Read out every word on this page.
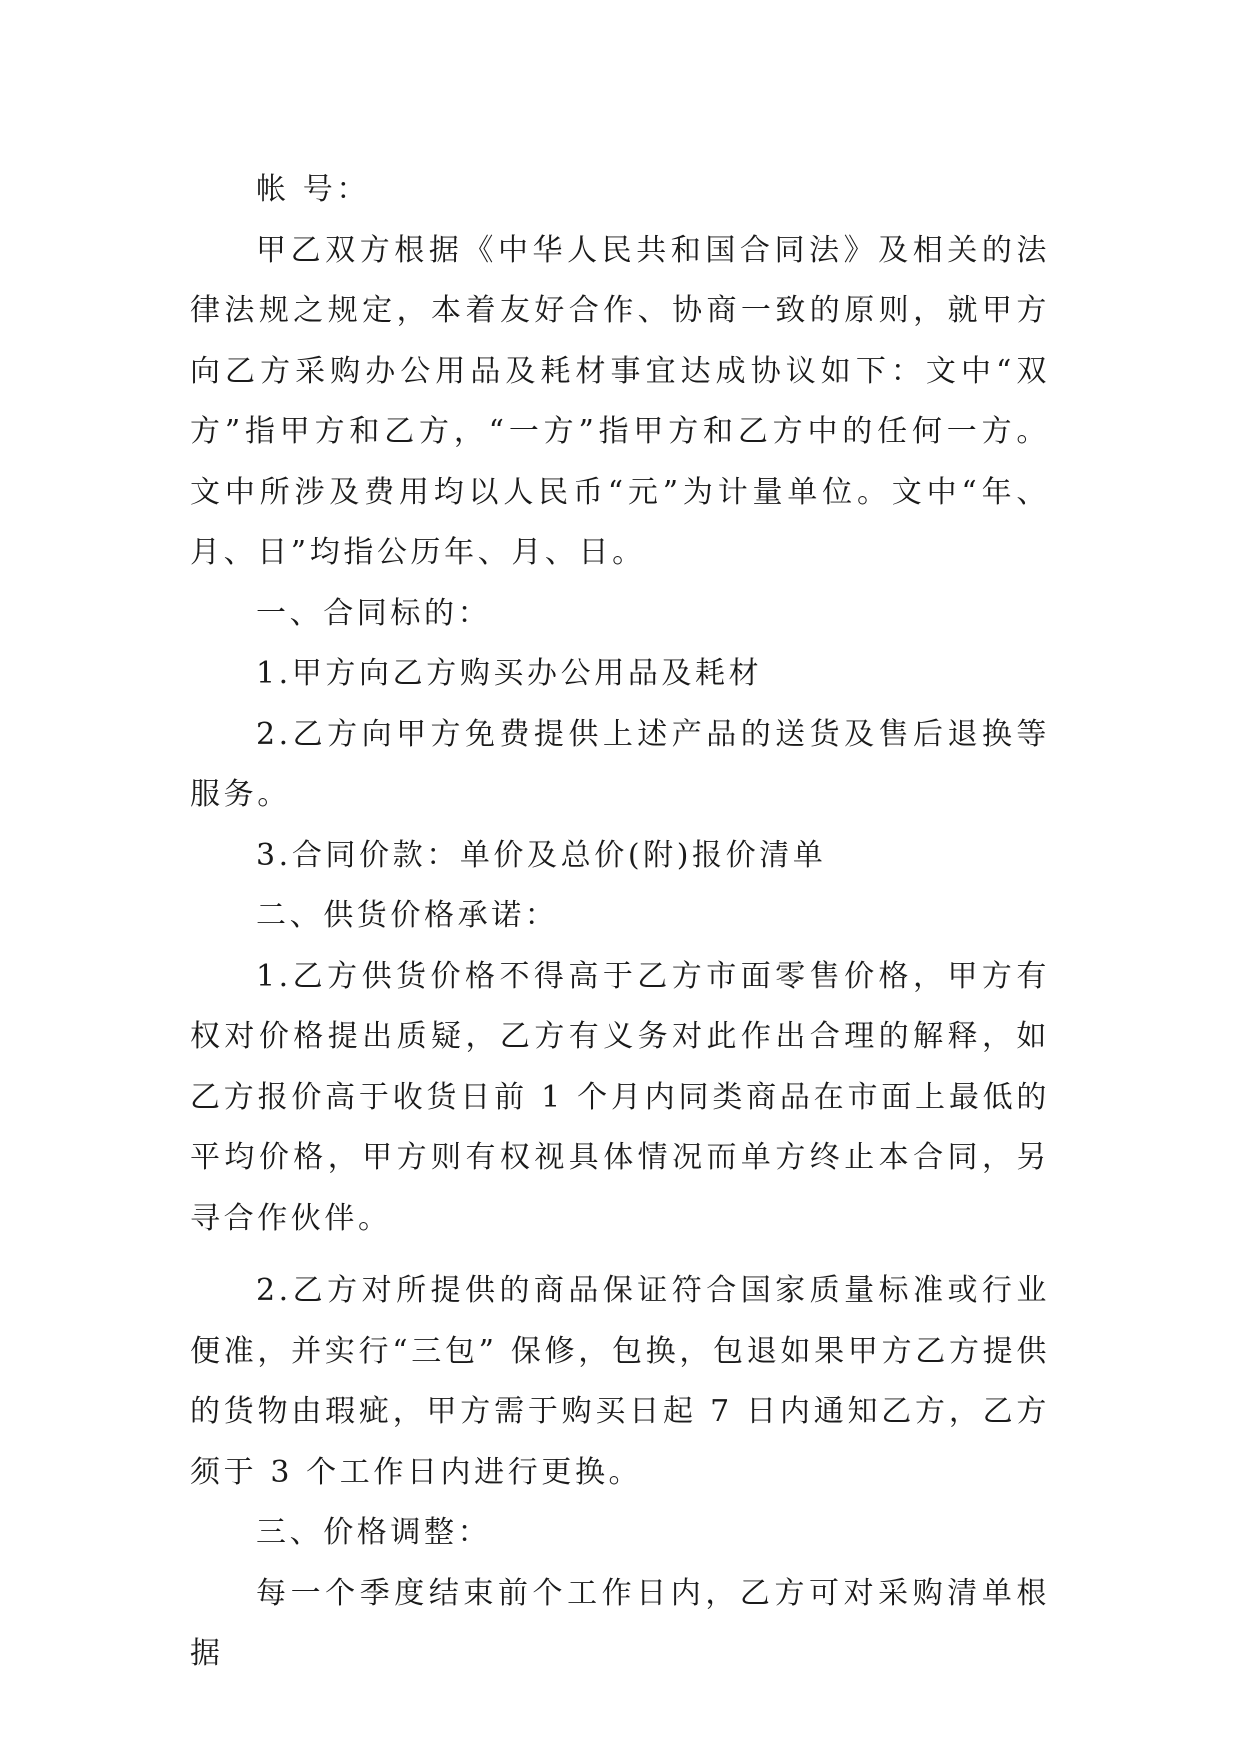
帐 号：

甲乙双方根据《中华人民共和国合同法》及相关的法律法规之规定，本着友好合作、协商一致的原则，就甲方向乙方采购办公用品及耗材事宜达成协议如下：文中“双方”指甲方和乙方，“一方”指甲方和乙方中的任何一方。 文中所涉及费用均以人民币“元”为计量单位。文中“年、月、日”均指公历年、月、日。

一、合同标的：

1.甲方向乙方购买办公用品及耗材

2.乙方向甲方免费提供上述产品的送货及售后退换等服务。

3.合同价款：单价及总价(附)报价清单

二、供货价格承诺：

1.乙方供货价格不得高于乙方市面零售价格，甲方有权对价格提出质疑，乙方有义务对此作出合理的解释，如乙方报价高于收货日前 1 个月内同类商品在市面上最低的平均价格，甲方则有权视具体情况而单方终止本合同，另寻合作伙伴。

2.乙方对所提供的商品保证符合国家质量标准或行业便准，并实行“三包” 保修，包换，包退如果甲方乙方提供的货物由瑕疵，甲方需于购买日起 7 日内通知乙方，乙方须于 3 个工作日内进行更换。

三、价格调整：

每一个季度结束前个工作日内，乙方可对采购清单根据
